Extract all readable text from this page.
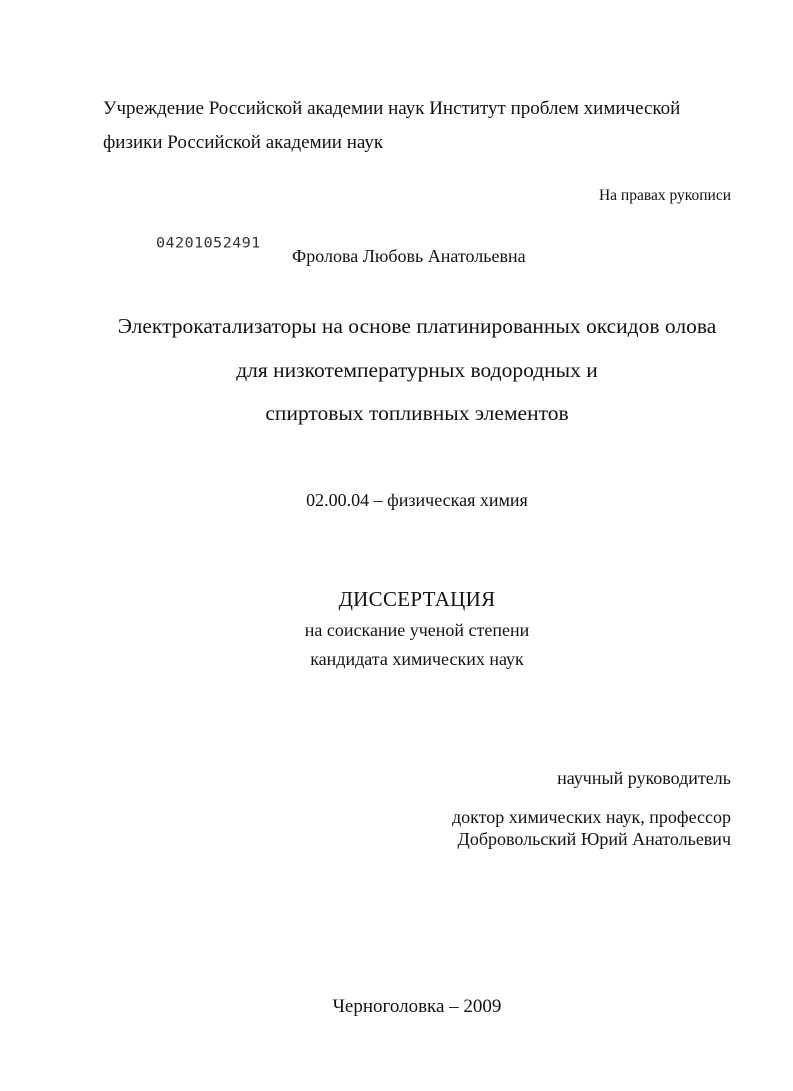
Учреждение Российской академии наук Институт проблем химической
физики Российской академии наук
На правах рукописи
04201052491
Фролова Любовь Анатольевна
Электрокатализаторы на основе платинированных оксидов олова
для низкотемпературных водородных и
спиртовых топливных элементов
02.00.04 – физическая химия
ДИССЕРТАЦИЯ
на соискание ученой степени
кандидата химических наук
научный руководитель
доктор химических наук, профессор
Добровольский Юрий Анатольевич
Черноголовка – 2009
